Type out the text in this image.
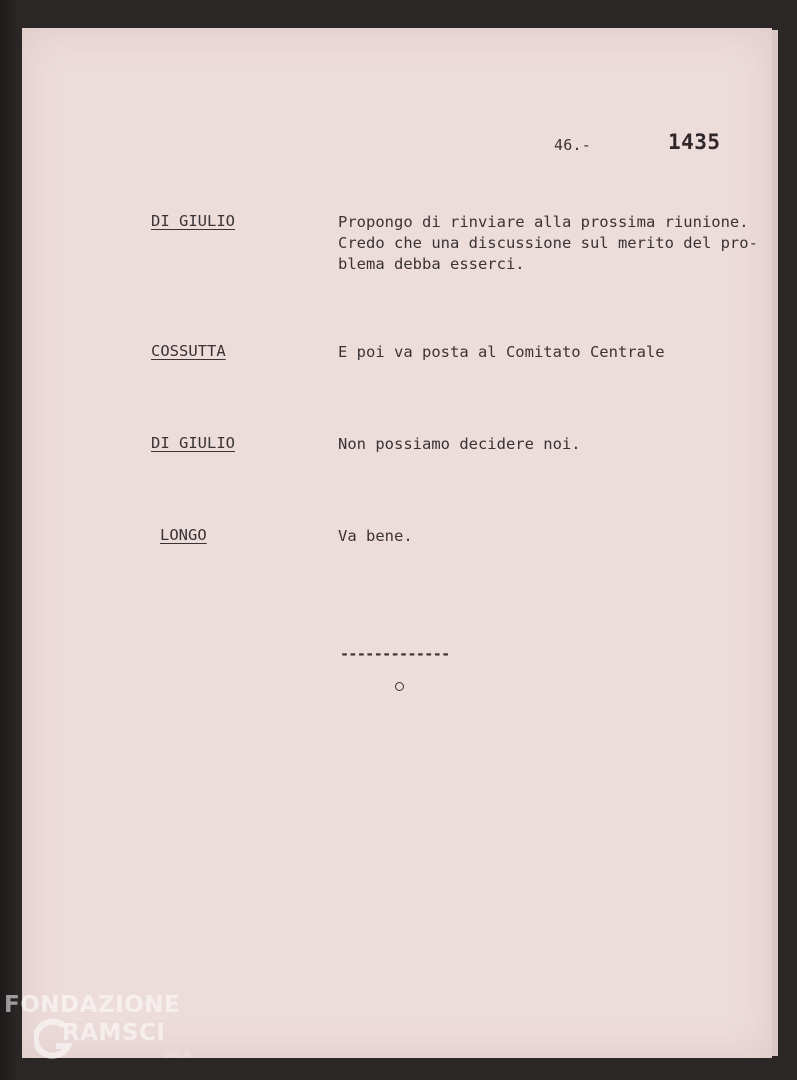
46.-	1435
DI GIULIO	Propongo di rinviare alla prossima riunione.
Credo che una discussione sul merito del pro-
blema debba esserci.
COSSUTTA	E poi va posta al Comitato Centrale
DI GIULIO	Non possiamo decidere noi.
LONGO	Va bene.
-------------
FONDAZIONE
RAMSCI
onlus
